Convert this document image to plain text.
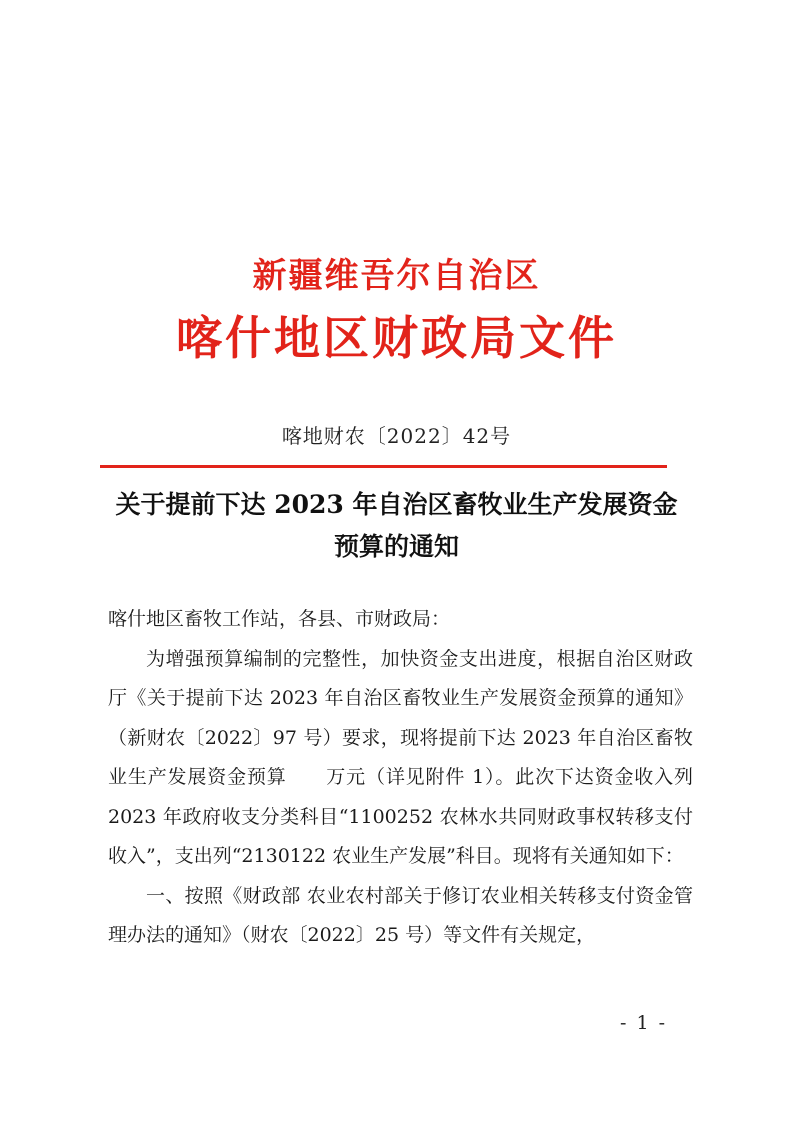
新疆维吾尔自治区
喀什地区财政局文件
喀地财农〔2022〕42号
关于提前下达 2023 年自治区畜牧业生产发展资金
预算的通知

喀什地区畜牧工作站，各县、市财政局：

为增强预算编制的完整性，加快资金支出进度，根据自治区财政厅《关于提前下达 2023 年自治区畜牧业生产发展资金预算的通知》（新财农〔2022〕97 号）要求，现将提前下达 2023 年自治区畜牧业生产发展资金预算　　万元（详见附件 1）。此次下达资金收入列 2023 年政府收支分类科目“1100252 农林水共同财政事权转移支付收入”，支出列“2130122 农业生产发展”科目。现将有关通知如下：

一、按照《财政部 农业农村部关于修订农业相关转移支付资金管理办法的通知》（财农〔2022〕25 号）等文件有关规定，

- 1 -
